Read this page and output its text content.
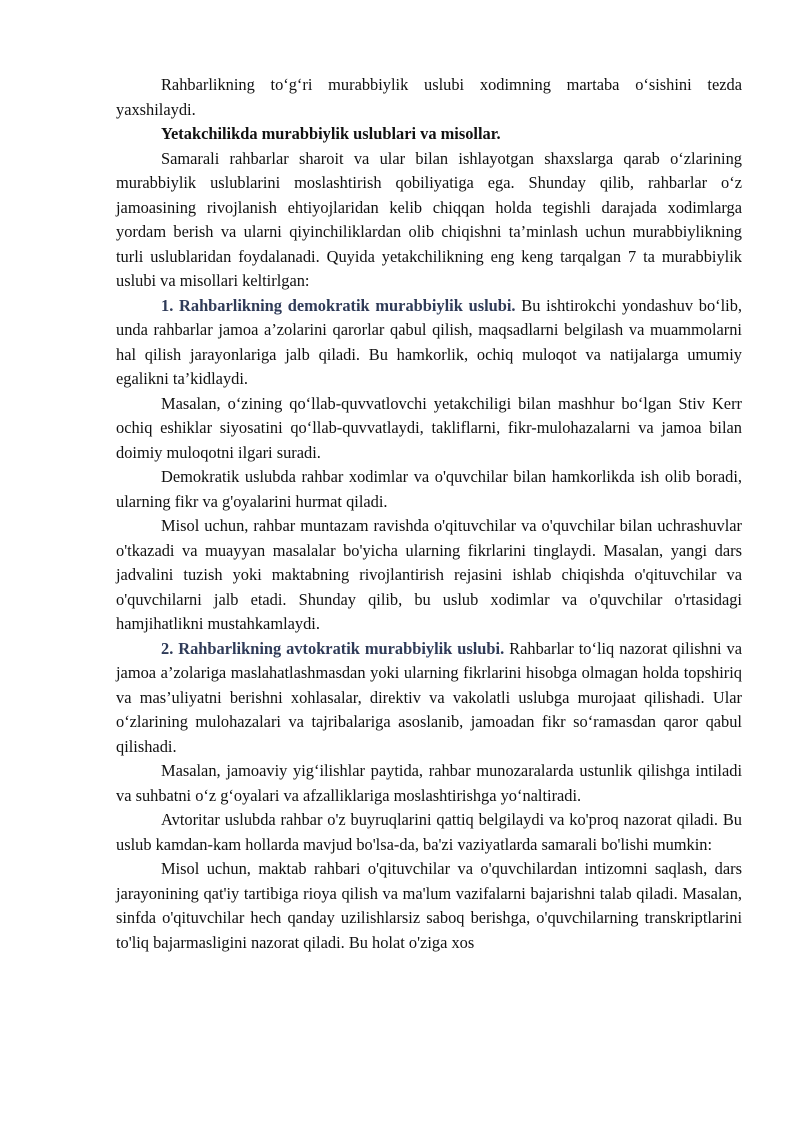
Rahbarlikning to‘g‘ri murabbiylik uslubi xodimning martaba o‘sishini tezda yaxshilaydi.

Yetakchilikda murabbiylik uslublari va misollar.

Samarali rahbarlar sharoit va ular bilan ishlayotgan shaxslarga qarab o‘zlarining murabbiylik uslublarini moslashtirish qobiliyatiga ega. Shunday qilib, rahbarlar o‘z jamoasining rivojlanish ehtiyojlaridan kelib chiqqan holda tegishli darajada xodimlarga yordam berish va ularni qiyinchiliklardan olib chiqishni ta’minlash uchun murabbiylikning turli uslublaridan foydalanadi. Quyida yetakchilikning eng keng tarqalgan 7 ta murabbiylik uslubi va misollari keltirlgan:

1. Rahbarlikning demokratik murabbiylik uslubi. Bu ishtirokchi yondashuv bo‘lib, unda rahbarlar jamoa a’zolarini qarorlar qabul qilish, maqsadlarni belgilash va muammolarni hal qilish jarayonlariga jalb qiladi. Bu hamkorlik, ochiq muloqot va natijalarga umumiy egalikni ta’kidlaydi.

Masalan, o‘zining qo‘llab-quvvatlovchi yetakchiligi bilan mashhur bo‘lgan Stiv Kerr ochiq eshiklar siyosatini qo‘llab-quvvatlaydi, takliflarni, fikr-mulohazalarni va jamoa bilan doimiy muloqotni ilgari suradi.

Demokratik uslubda rahbar xodimlar va o'quvchilar bilan hamkorlikda ish olib boradi, ularning fikr va g'oyalarini hurmat qiladi.

Misol uchun, rahbar muntazam ravishda o'qituvchilar va o'quvchilar bilan uchrashuvlar o'tkazadi va muayyan masalalar bo'yicha ularning fikrlarini tinglaydi. Masalan, yangi dars jadvalini tuzish yoki maktabning rivojlantirish rejasini ishlab chiqishda o'qituvchilar va o'quvchilarni jalb etadi. Shunday qilib, bu uslub xodimlar va o'quvchilar o'rtasidagi hamjihatlikni mustahkamlaydi.

2. Rahbarlikning avtokratik murabbiylik uslubi. Rahbarlar to‘liq nazorat qilishni va jamoa a’zolariga maslahatlashmasdan yoki ularning fikrlarini hisobga olmagan holda topshiriq va mas’uliyatni berishni xohlasalar, direktiv va vakolatli uslubga murojaat qilishadi. Ular o‘zlarining mulohazalari va tajribalariga asoslanib, jamoadan fikr so‘ramasdan qaror qabul qilishadi.

Masalan, jamoaviy yig‘ilishlar paytida, rahbar munozaralarda ustunlik qilishga intiladi va suhbatni o‘z g‘oyalari va afzalliklariga moslashtirishga yo‘naltiradi.

Avtoritar uslubda rahbar o'z buyruqlarini qattiq belgilaydi va ko'proq nazorat qiladi. Bu uslub kamdan-kam hollarda mavjud bo'lsa-da, ba'zi vaziyatlarda samarali bo'lishi mumkin:

Misol uchun, maktab rahbari o'qituvchilar va o'quvchilardan intizomni saqlash, dars jarayonining qat'iy tartibiga rioya qilish va ma'lum vazifalarni bajarishni talab qiladi. Masalan, sinfda o'qituvchilar hech qanday uzilishlarsiz saboq berishga, o'quvchilarning transkriptlarini to'liq bajarmasligini nazorat qiladi. Bu holat o'ziga xos
